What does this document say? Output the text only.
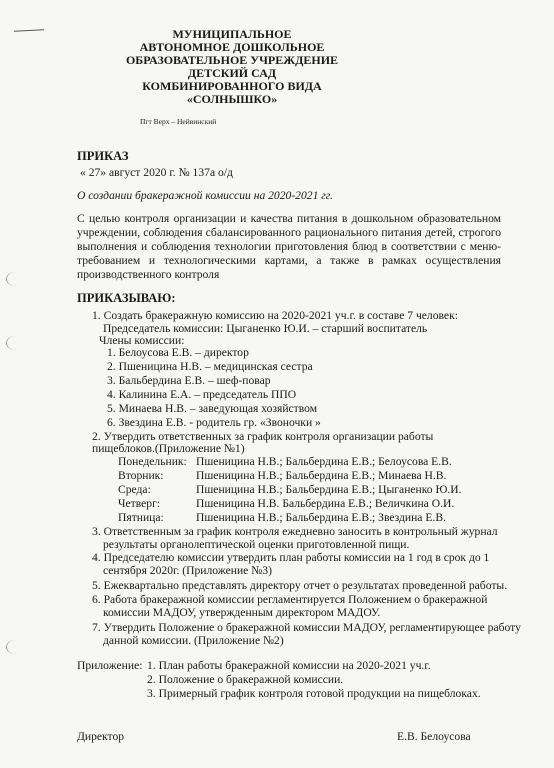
МУНИЦИПАЛЬНОЕ
АВТОНОМНОЕ ДОШКОЛЬНОЕ
ОБРАЗОВАТЕЛЬНОЕ УЧРЕЖДЕНИЕ
ДЕТСКИЙ САД
КОМБИНИРОВАННОГО ВИДА
«СОЛНЫШКО»
Пгт Верх – Нейвинский
ПРИКАЗ
« 27» август 2020 г. № 137а о/д
О создании бракеражной комиссии на 2020-2021 гг.
С целью контроля организации и качества питания в дошкольном образовательном учреждении, соблюдения сбалансированного рационального питания детей, строгого выполнения и соблюдения технологии приготовления блюд в соответствии с меню-требованием и технологическими картами, а также в рамках осуществления производственного контроля
ПРИКАЗЫВАЮ:
1. Создать бракеражную комиссию на 2020-2021 уч.г. в составе 7 человек:
Председатель комиссии: Цыганенко Ю.И. – старший воспитатель
Члены комиссии:
1. Белоусова Е.В. – директор
2. Пшеницина Н.В. – медицинская сестра
3. Бальбердина Е.В. – шеф-повар
4. Калинина Е.А. – председатель ППО
5. Минаева Н.В. – заведующая хозяйством
6. Звездина Е.В. - родитель гр. «Звоночки »
2. Утвердить ответственных за график контроля организации работы
пищеблоков.(Приложение №1)
Понедельник: Пшеницина Н.В.; Бальбердина Е.В.; Белоусова Е.В.
Вторник:	Пшеницина Н.В.; Бальбердина Е.В.; Минаева Н.В.
Среда:	Пшеницина Н.В.; Бальбердина Е.В.; Цыганенко Ю.И.
Четверг:	Пшеницина Н.В. Бальбердина Е.В.; Величкина О.И.
Пятница:	Пшеницина Н.В.; Бальбердина Е.В.; Звездина Е.В.
3. Ответственным за график контроля ежедневно заносить в контрольный журнал
результаты органолептической оценки приготовленной пищи.
4. Председателю комиссии утвердить план работы комиссии на 1 год в срок до 1
сентября 2020г. (Приложение №3)
5. Ежеквартально представлять директору отчет о результатах проведенной работы.
6. Работа бракеражной комиссии регламентируется Положением о бракеражной
комиссии МАДОУ, утвержденным директором МАДОУ.
7. Утвердить Положение о бракеражной комиссии МАДОУ, регламентирующее работу
данной комиссии. (Приложение №2)
Приложение: 1. План работы бракеражной комиссии на 2020-2021 уч.г.
2. Положение о бракеражной комиссии.
3. Примерный график контроля готовой продукции на пищеблоках.
Директор	Е.В. Белоусова
